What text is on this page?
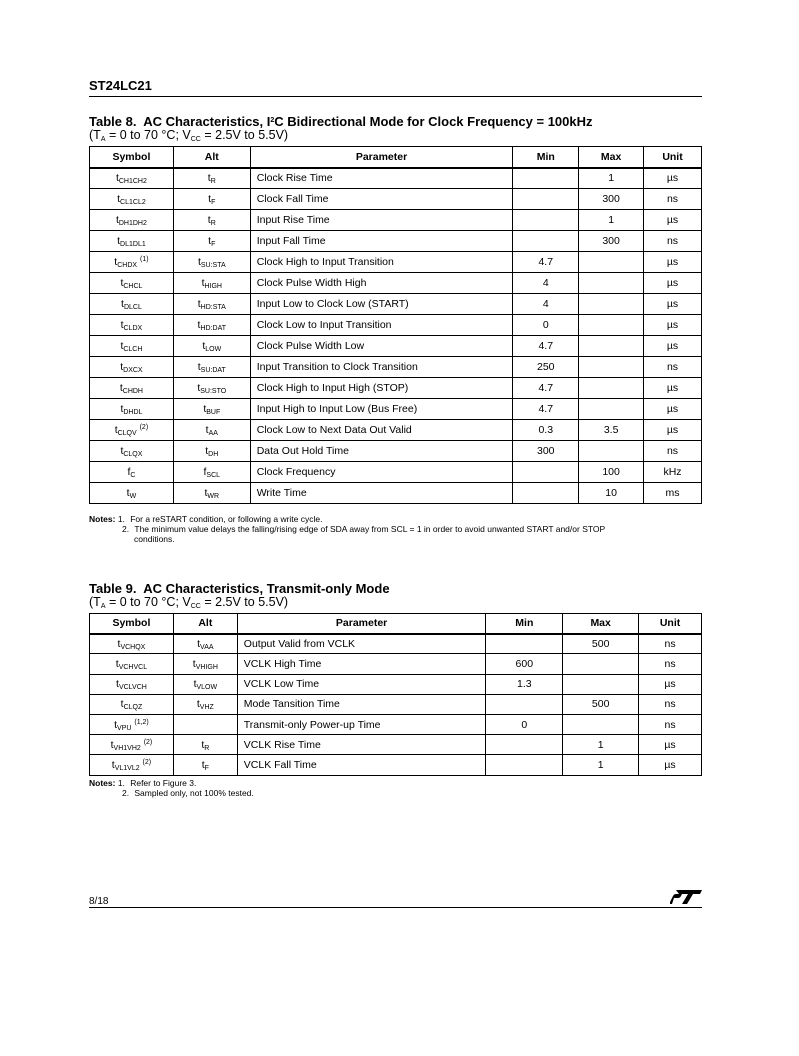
ST24LC21
Table 8. AC Characteristics, $I^2C$ Bidirectional Mode for Clock Frequency = 100kHz
($T_A = 0$ to 70 °C; $V_{CC} = 2.5V$ to 5.5V)
Symbol	Alt	Parameter	Min	Max	Unit
$t_{CH1CH2}$	$t_R$	Clock Rise Time		1	µs
$t_{CL1CL2}$	$t_F$	Clock Fall Time		300	ns
$t_{DH1DH2}$	$t_R$	Input Rise Time		1	µs
$t_{DL1DL1}$	$t_F$	Input Fall Time		300	ns
$t_{CHDX}$ $^{(1)}$	$t_{SU:STA}$	Clock High to Input Transition	4.7		µs
$t_{CHCL}$	$t_{HIGH}$	Clock Pulse Width High	4		µs
$t_{DLCL}$	$t_{HD:STA}$	Input Low to Clock Low (START)	4		µs
$t_{CLDX}$	$t_{HD:DAT}$	Clock Low to Input Transition	0		µs
$t_{CLCH}$	$t_{LOW}$	Clock Pulse Width Low	4.7		µs
$t_{DXCX}$	$t_{SU:DAT}$	Input Transition to Clock Transition	250		ns
$t_{CHDH}$	$t_{SU:STO}$	Clock High to Input High (STOP)	4.7		µs
$t_{DHDL}$	$t_{BUF}$	Input High to Input Low (Bus Free)	4.7		µs
$t_{CLQV}$ $^{(2)}$	$t_{AA}$	Clock Low to Next Data Out Valid	0.3	3.5	µs
$t_{CLQX}$	$t_{DH}$	Data Out Hold Time	300		ns
$f_C$	$f_{SCL}$	Clock Frequency		100	kHz
$t_W$	$t_{WR}$	Write Time		10	ms
Notes:
1.
For a reSTART condition, or following a write cycle.
2.
The minimum value delays the falling/rising edge of SDA away from SCL = 1 in order to avoid unwanted START and/or STOP
conditions.
Table 9. AC Characteristics, Transmit-only Mode
($T_A = 0$ to 70 °C; $V_{CC} = 2.5V$ to 5.5V)
Symbol	Alt	Parameter	Min	Max	Unit
$t_{VCHQX}$	$t_{VAA}$	Output Valid from VCLK		500	ns
$t_{VCHVCL}$	$t_{VHIGH}$	VCLK High Time	600		ns
$t_{VCLVCH}$	$t_{VLOW}$	VCLK Low Time	1.3		µs
$t_{CLQZ}$	$t_{VHZ}$	Mode Tansition Time		500	ns
$t_{VPU}$ $^{(1,2)}$		Transmit-only Power-up Time	0		ns
$t_{VH1VH2}$ $^{(2)}$	$t_R$	VCLK Rise Time		1	µs
$t_{VL1VL2}$ $^{(2)}$	$t_F$	VCLK Fall Time		1	µs
Notes:
1.
Refer to Figure 3.
2.
Sampled only, not 100% tested.
8/18
